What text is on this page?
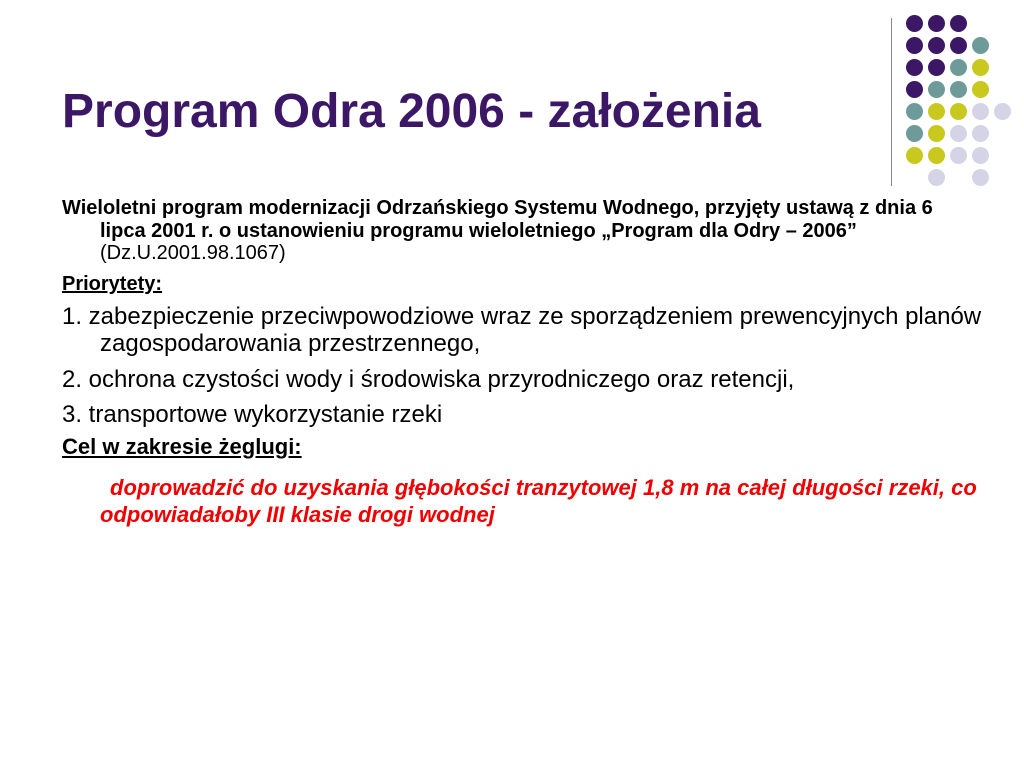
Program Odra 2006 - założenia

Wieloletni program modernizacji Odrzańskiego Systemu Wodnego, przyjęty ustawą z dnia 6 lipca 2001 r. o ustanowieniu programu wieloletniego „Program dla Odry – 2006” (Dz.U.2001.98.1067)

Priorytety:

1. zabezpieczenie przeciwpowodziowe wraz ze sporządzeniem prewencyjnych planów zagospodarowania przestrzennego,

2. ochrona czystości wody i środowiska przyrodniczego oraz retencji,

3. transportowe wykorzystanie rzeki

Cel w zakresie żeglugi:

doprowadzić do uzyskania głębokości tranzytowej 1,8 m na całej długości rzeki, co odpowiadałoby III klasie drogi wodnej
